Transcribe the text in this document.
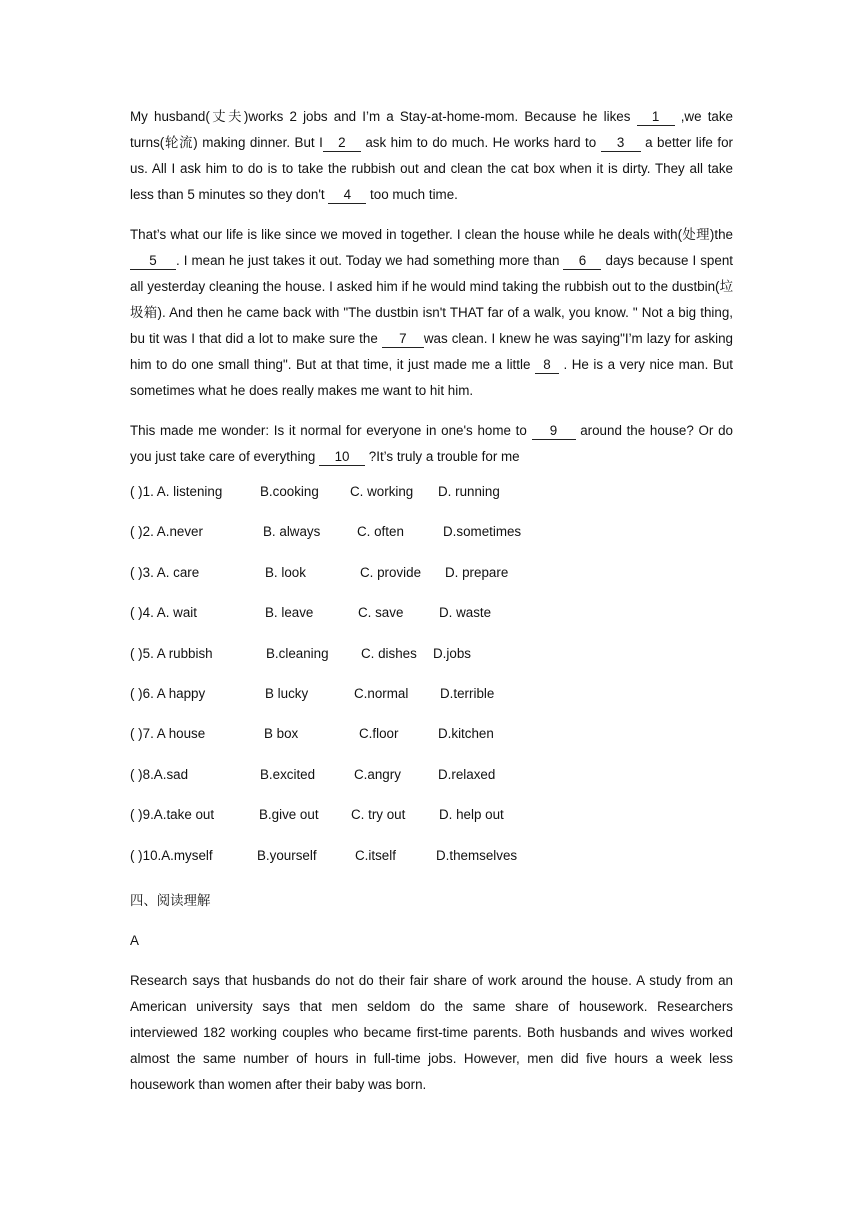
My husband(丈夫)works 2 jobs and I’m a Stay-at-home-mom. Because he likes 1 ,we take turns(轮流) making dinner. But I 2 ask him to do much. He works hard to 3 a better life for us. All I ask him to do is to take the rubbish out and clean the cat box when it is dirty. They all take less than 5 minutes so they don't 4 too much time.

That’s what our life is like since we moved in together. I clean the house while he deals with(处理)the 5 . I mean he just takes it out. Today we had something more than 6 days because I spent all yesterday cleaning the house. I asked him if he would mind taking the rubbish out to the dustbin(垃圾箱). And then he came back with "The dustbin isn't THAT far of a walk, you know. " Not a big thing, bu tit was I that did a lot to make sure the 7 was clean. I knew he was saying"I’m lazy for asking him to do one small thing". But at that time, it just made me a little 8 . He is a very nice man. But sometimes what he does really makes me want to hit him.

This made me wonder: Is it normal for everyone in one's home to 9 around the house? Or do you just take care of everything 10 ?It’s truly a trouble for me

( )1. A. listening	B.cooking	C. working	D. running
( )2. A.never	B. always	C. often	D.sometimes
( )3. A. care	B. look	C. provide	D. prepare
( )4. A. wait	B. leave	C. save	D. waste
( )5. A rubbish	B.cleaning	C. dishes	D.jobs
( )6. A happy	B lucky	C.normal	D.terrible
( )7. A house	B box	C.floor	D.kitchen
( )8.A.sad	B.excited	C.angry	D.relaxed
( )9.A.take out	B.give out	C. try out	D. help out
( )10.A.myself	B.yourself	C.itself	D.themselves
四、阅读理解
A

Research says that husbands do not do their fair share of work around the house. A study from an American university says that men seldom do the same share of housework. Researchers interviewed 182 working couples who became first-time parents. Both husbands and wives worked almost the same number of hours in full-time jobs. However, men did five hours a week less housework than women after their baby was born.
